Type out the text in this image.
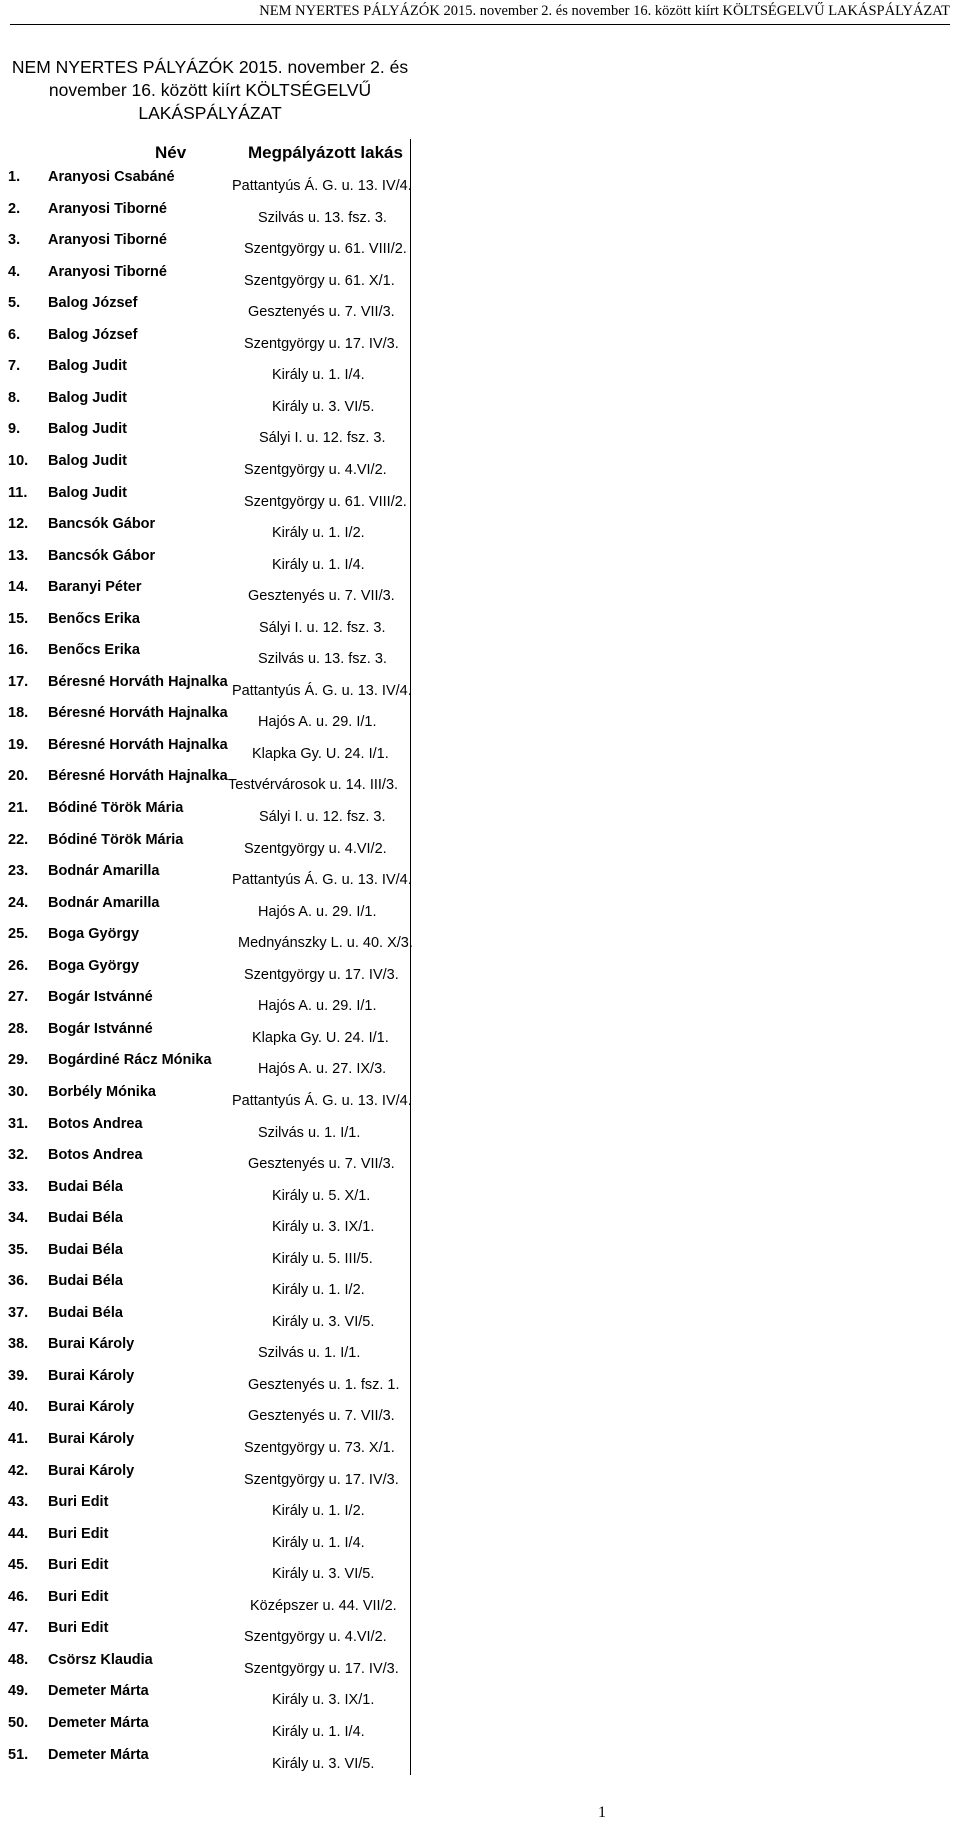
NEM NYERTES PÁLYÁZÓK 2015. november 2. és november 16. között kiírt KÖLTSÉGELVŰ LAKÁSPÁLYÁZAT
NEM NYERTES PÁLYÁZÓK 2015. november 2. és
november 16. között kiírt KÖLTSÉGELVŰ
LAKÁSPÁLYÁZAT
Név	Megpályázott lakás
1. Aranyosi Csabáné
Pattantyús Á. G. u. 13. IV/4.
2. Aranyosi Tiborné
Szilvás u. 13. fsz. 3.
3. Aranyosi Tiborné
Szentgyörgy u. 61. VIII/2.
4. Aranyosi Tiborné
Szentgyörgy u. 61. X/1.
5. Balog József
Gesztenyés u. 7. VII/3.
6. Balog József
Szentgyörgy u. 17. IV/3.
7. Balog Judit
Király u. 1. I/4.
8. Balog Judit
Király u. 3. VI/5.
9. Balog Judit
Sályi I. u. 12. fsz. 3.
10. Balog Judit
Szentgyörgy u. 4.VI/2.
11. Balog Judit
Szentgyörgy u. 61. VIII/2.
12. Bancsók Gábor
Király u. 1. I/2.
13. Bancsók Gábor
Király u. 1. I/4.
14. Baranyi Péter
Gesztenyés u. 7. VII/3.
15. Benőcs Erika
Sályi I. u. 12. fsz. 3.
16. Benőcs Erika
Szilvás u. 13. fsz. 3.
17. Béresné Horváth Hajnalka
Pattantyús Á. G. u. 13. IV/4.
18. Béresné Horváth Hajnalka
Hajós A. u. 29. I/1.
19. Béresné Horváth Hajnalka
Klapka Gy. U. 24. I/1.
20. Béresné Horváth Hajnalka
Testvérvárosok u. 14. III/3.
21. Bódiné Török Mária
Sályi I. u. 12. fsz. 3.
22. Bódiné Török Mária
Szentgyörgy u. 4.VI/2.
23. Bodnár Amarilla
Pattantyús Á. G. u. 13. IV/4.
24. Bodnár Amarilla
Hajós A. u. 29. I/1.
25. Boga György
Mednyánszky L. u. 40. X/3.
26. Boga György
Szentgyörgy u. 17. IV/3.
27. Bogár Istvánné
Hajós A. u. 29. I/1.
28. Bogár Istvánné
Klapka Gy. U. 24. I/1.
29. Bogárdiné Rácz Mónika
Hajós A. u. 27. IX/3.
30. Borbély Mónika
Pattantyús Á. G. u. 13. IV/4.
31. Botos Andrea
Szilvás u. 1. I/1.
32. Botos Andrea
Gesztenyés u. 7. VII/3.
33. Budai Béla
Király u. 5. X/1.
34. Budai Béla
Király u. 3. IX/1.
35. Budai Béla
Király u. 5. III/5.
36. Budai Béla
Király u. 1. I/2.
37. Budai Béla
Király u. 3. VI/5.
38. Burai Károly
Szilvás u. 1. I/1.
39. Burai Károly
Gesztenyés u. 1. fsz. 1.
40. Burai Károly
Gesztenyés u. 7. VII/3.
41. Burai Károly
Szentgyörgy u. 73. X/1.
42. Burai Károly
Szentgyörgy u. 17. IV/3.
43. Buri Edit
Király u. 1. I/2.
44. Buri Edit
Király u. 1. I/4.
45. Buri Edit
Király u. 3. VI/5.
46. Buri Edit
Középszer u. 44. VII/2.
47. Buri Edit
Szentgyörgy u. 4.VI/2.
48. Csörsz Klaudia
Szentgyörgy u. 17. IV/3.
49. Demeter Márta
Király u. 3. IX/1.
50. Demeter Márta
Király u. 1. I/4.
51. Demeter Márta
Király u. 3. VI/5.
1
